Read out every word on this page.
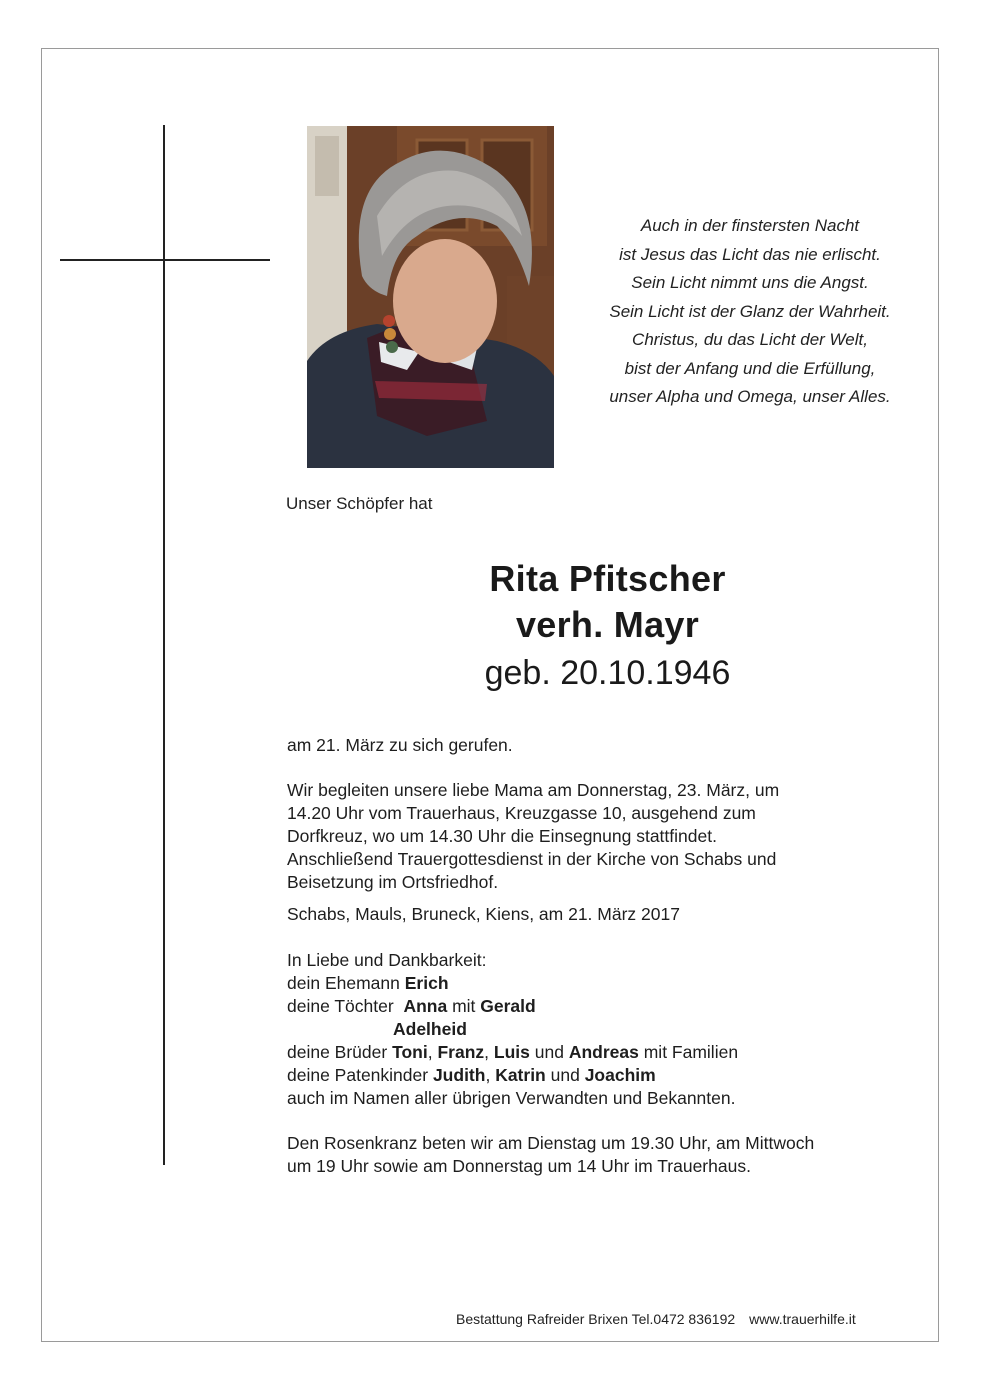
Auch in der finstersten Nacht
ist Jesus das Licht das nie erlischt.
Sein Licht nimmt uns die Angst.
Sein Licht ist der Glanz der Wahrheit.
Christus, du das Licht der Welt,
bist der Anfang und die Erfüllung,
unser Alpha und Omega, unser Alles.
Unser Schöpfer hat
Rita Pfitscher
verh. Mayr
geb. 20.10.1946
am 21. März zu sich gerufen.
Wir begleiten unsere liebe Mama am Donnerstag, 23. März, um
14.20 Uhr vom Trauerhaus, Kreuzgasse 10, ausgehend zum
Dorfkreuz, wo um 14.30 Uhr die Einsegnung stattfindet.
Anschließend Trauergottesdienst in der Kirche von Schabs und
Beisetzung im Ortsfriedhof.
Schabs, Mauls, Bruneck, Kiens, am 21. März 2017
In Liebe und Dankbarkeit:
dein Ehemann Erich
deine Töchter Anna mit Gerald
Adelheid
deine Brüder Toni, Franz, Luis und Andreas mit Familien
deine Patenkinder Judith, Katrin und Joachim
auch im Namen aller übrigen Verwandten und Bekannten.
Den Rosenkranz beten wir am Dienstag um 19.30 Uhr, am Mittwoch
um 19 Uhr sowie am Donnerstag um 14 Uhr im Trauerhaus.
Bestattung Rafreider Brixen Tel.0472 836192 www.trauerhilfe.it
